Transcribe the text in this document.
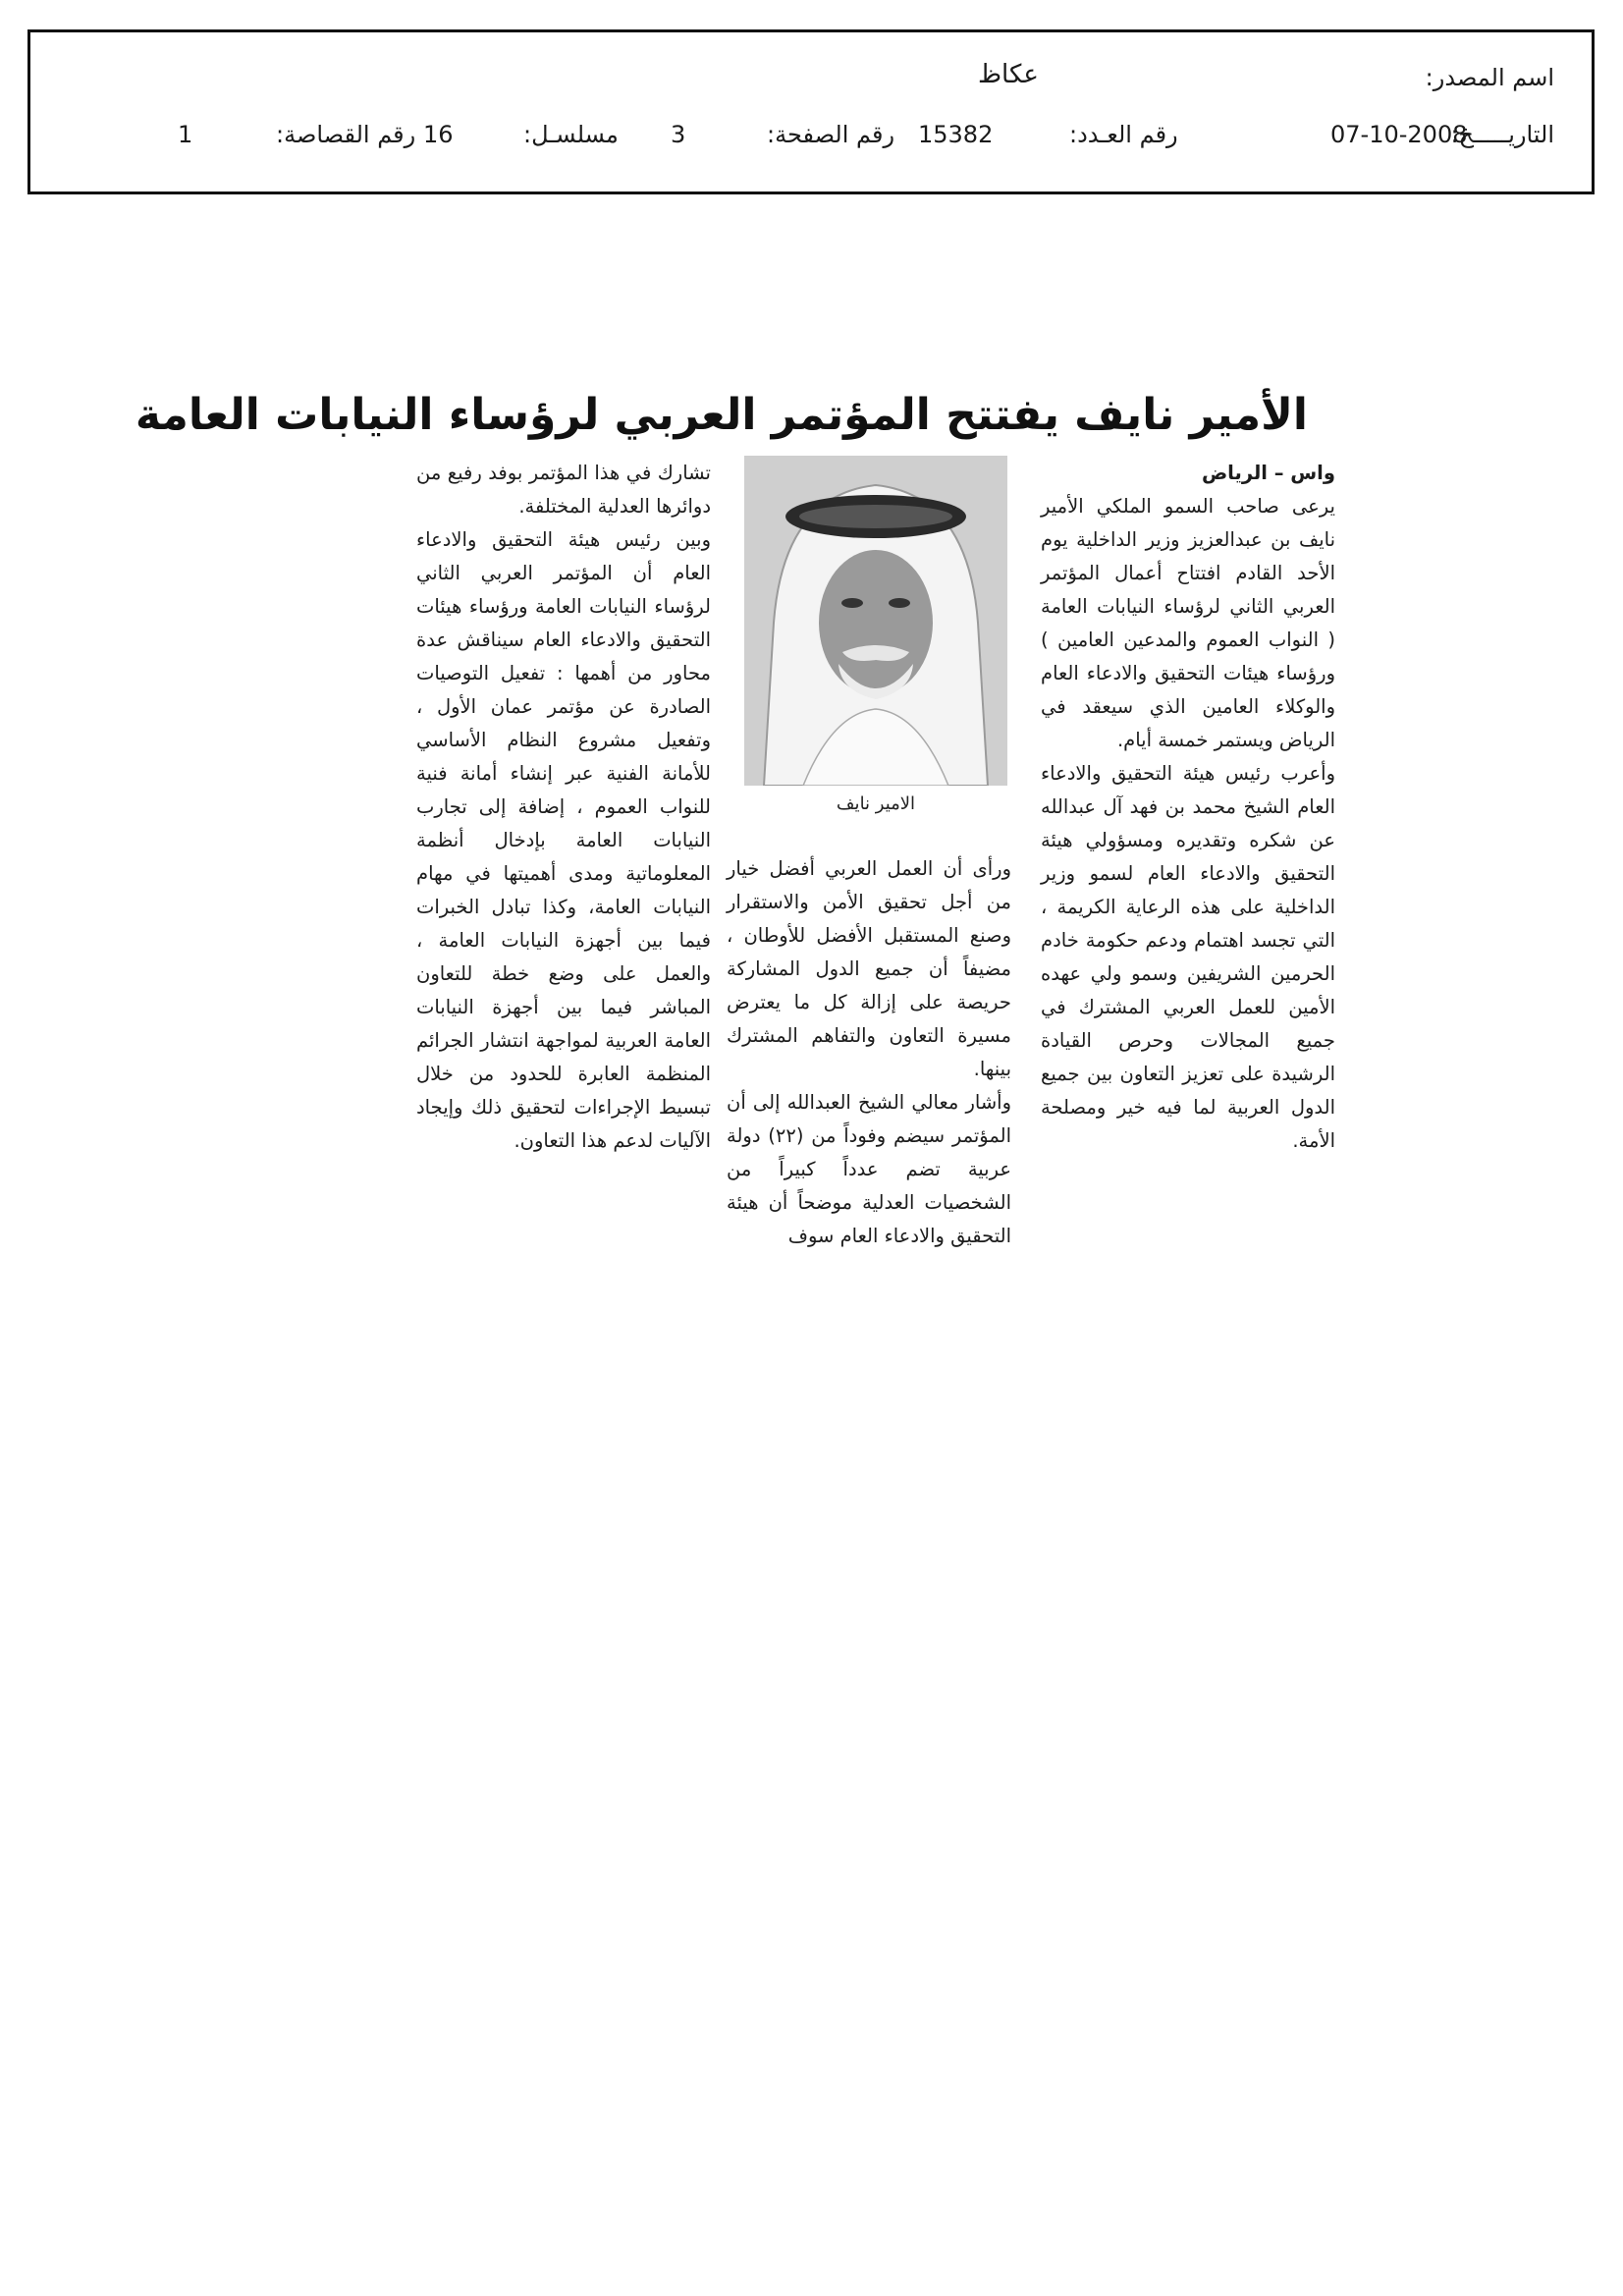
اسم المصدر:
عكاظ
التاريـــــخ:
07-10-2008
رقم العـدد:
15382
رقم الصفحة:
3
مسلسـل:
16
رقم القصاصة:
1
الأمير نايف يفتتح المؤتمر العربي لرؤساء النيابات العامة

واس – الرياض

يرعى صاحب السمو الملكي الأمير نايف بن عبدالعزيز وزير الداخلية يوم الأحد القادم افتتاح أعمال المؤتمر العربي الثاني لرؤساء النيابات العامة ( النواب العموم والمدعين العامين ) ورؤساء هيئات التحقيق والادعاء العام والوكلاء العامين الذي سيعقد في الرياض ويستمر خمسة أيام.

وأعرب رئيس هيئة التحقيق والادعاء العام الشيخ محمد بن فهد آل عبدالله عن شكره وتقديره ومسؤولي هيئة التحقيق والادعاء العام لسمو وزير الداخلية على هذه الرعاية الكريمة ، التي تجسد اهتمام ودعم حكومة خادم الحرمين الشريفين وسمو ولي عهده الأمين للعمل العربي المشترك في جميع المجالات وحرص القيادة الرشيدة على تعزيز التعاون بين جميع الدول العربية لما فيه خير ومصلحة الأمة.

الامير نايف

ورأى أن العمل العربي أفضل خيار من أجل تحقيق الأمن والاستقرار وصنع المستقبل الأفضل للأوطان ، مضيفاً أن جميع الدول المشاركة حريصة على إزالة كل ما يعترض مسيرة التعاون والتفاهم المشترك بينها.

وأشار معالي الشيخ العبدالله إلى أن المؤتمر سيضم وفوداً من (٢٢) دولة عربية تضم عدداً كبيراً من الشخصيات العدلية موضحاً أن هيئة التحقيق والادعاء العام سوف

تشارك في هذا المؤتمر بوفد رفيع من دوائرها العدلية المختلفة.

وبين رئيس هيئة التحقيق والادعاء العام أن المؤتمر العربي الثاني لرؤساء النيابات العامة ورؤساء هيئات التحقيق والادعاء العام سيناقش عدة محاور من أهمها : تفعيل التوصيات الصادرة عن مؤتمر عمان الأول ، وتفعيل مشروع النظام الأساسي للأمانة الفنية عبر إنشاء أمانة فنية للنواب العموم ، إضافة إلى تجارب النيابات العامة بإدخال أنظمة المعلوماتية ومدى أهميتها في مهام النيابات العامة، وكذا تبادل الخبرات فيما بين أجهزة النيابات العامة ، والعمل على وضع خطة للتعاون المباشر فيما بين أجهزة النيابات العامة العربية لمواجهة انتشار الجرائم المنظمة العابرة للحدود من خلال تبسيط الإجراءات لتحقيق ذلك وإيجاد الآليات لدعم هذا التعاون.
